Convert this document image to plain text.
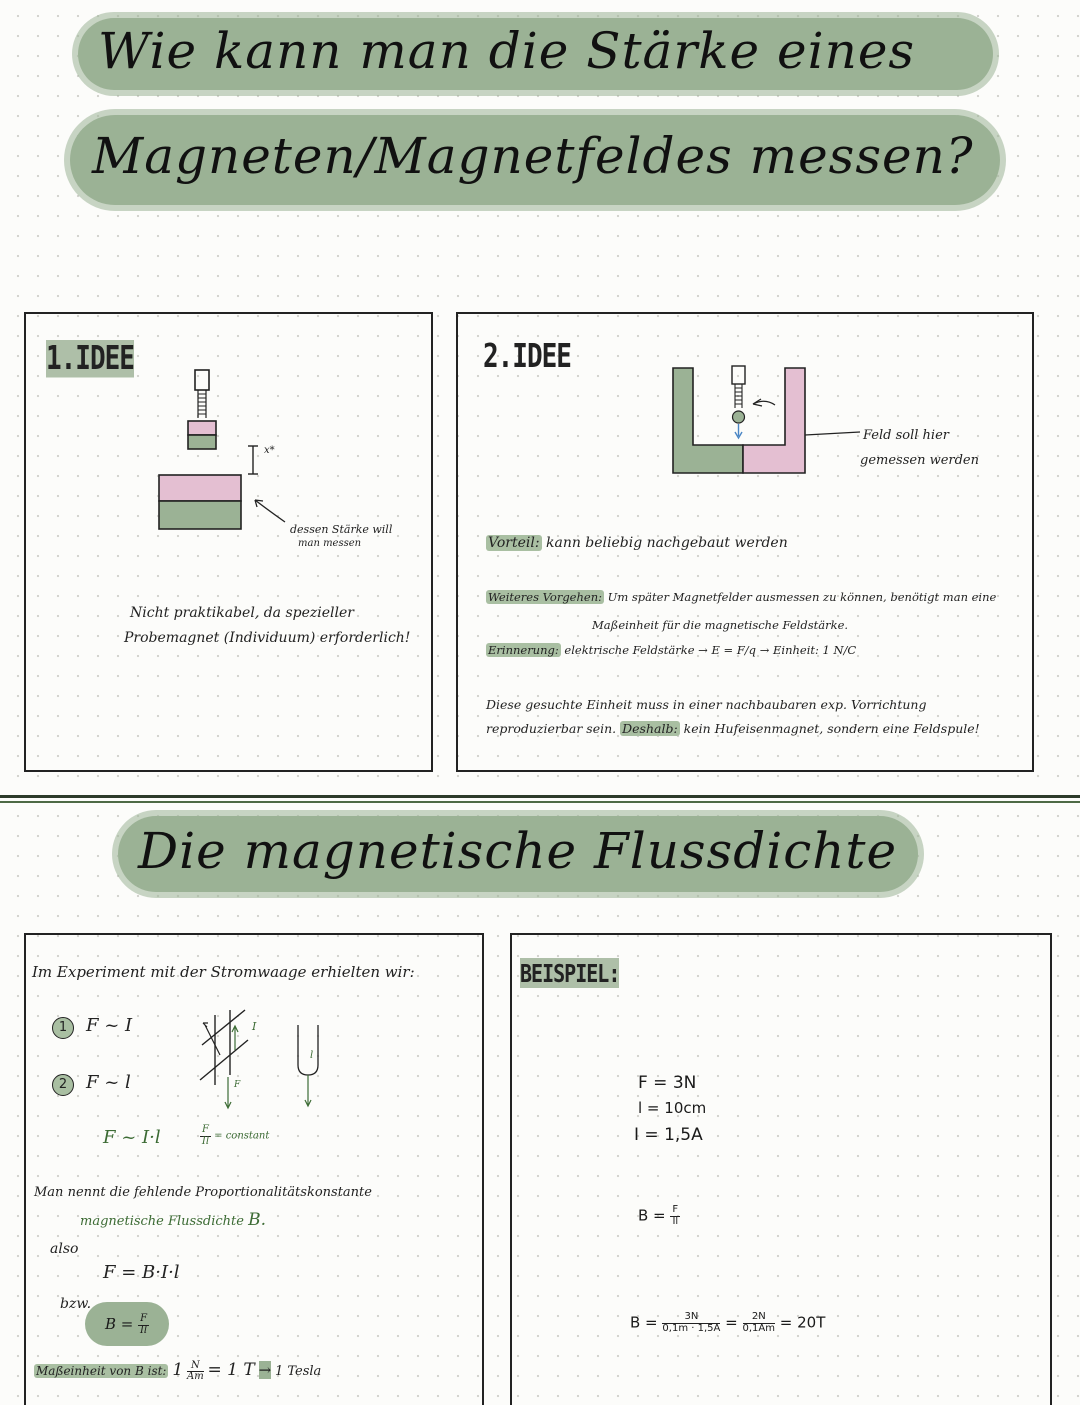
Wie kann man die Stärke eines
Magneten/Magnetfeldes messen?
1.IDEE
x*
dessen Stärke will
man messen
Nicht praktikabel, da spezieller
Probemagnet (Individuum) erforderlich!
2.IDEE
Feld soll hier
gemessen werden
Vorteil: kann beliebig nachgebaut werden
Weiteres Vorgehen: Um später Magnetfelder ausmessen zu können, benötigt man eine
Maßeinheit für die magnetische Feldstärke.
Erinnerung: elektrische Feldstärke → E = F/q → Einheit: 1 N/C
Diese gesuchte Einheit muss in einer nachbaubaren exp. Vorrichtung
reproduzierbar sein. Deshalb: kein Hufeisenmagnet, sondern eine Feldspule!
Die magnetische Flussdichte
Im Experiment mit der Stromwaage erhielten wir:
1 F ~ I
2 F ~ l
I
F
l
F ~ I·l	$\frac{F}{Il}$ = constant
Man nennt die fehlende Proportionalitätskonstante
magnetische Flussdichte B.
also
F = B·I·l
bzw.
$B = \frac{F}{Il}$
Maßeinheit von B ist: $1 \frac{N}{Am} = 1$ T → 1 Tesla
BEISPIEL:
F = 3N
l = 10cm
I = 1,5A
$B = \frac{F}{Il}$
$B = \frac{3N}{0,1m \cdot 1,5A} = \frac{2N}{0,1Am} = 20T$
